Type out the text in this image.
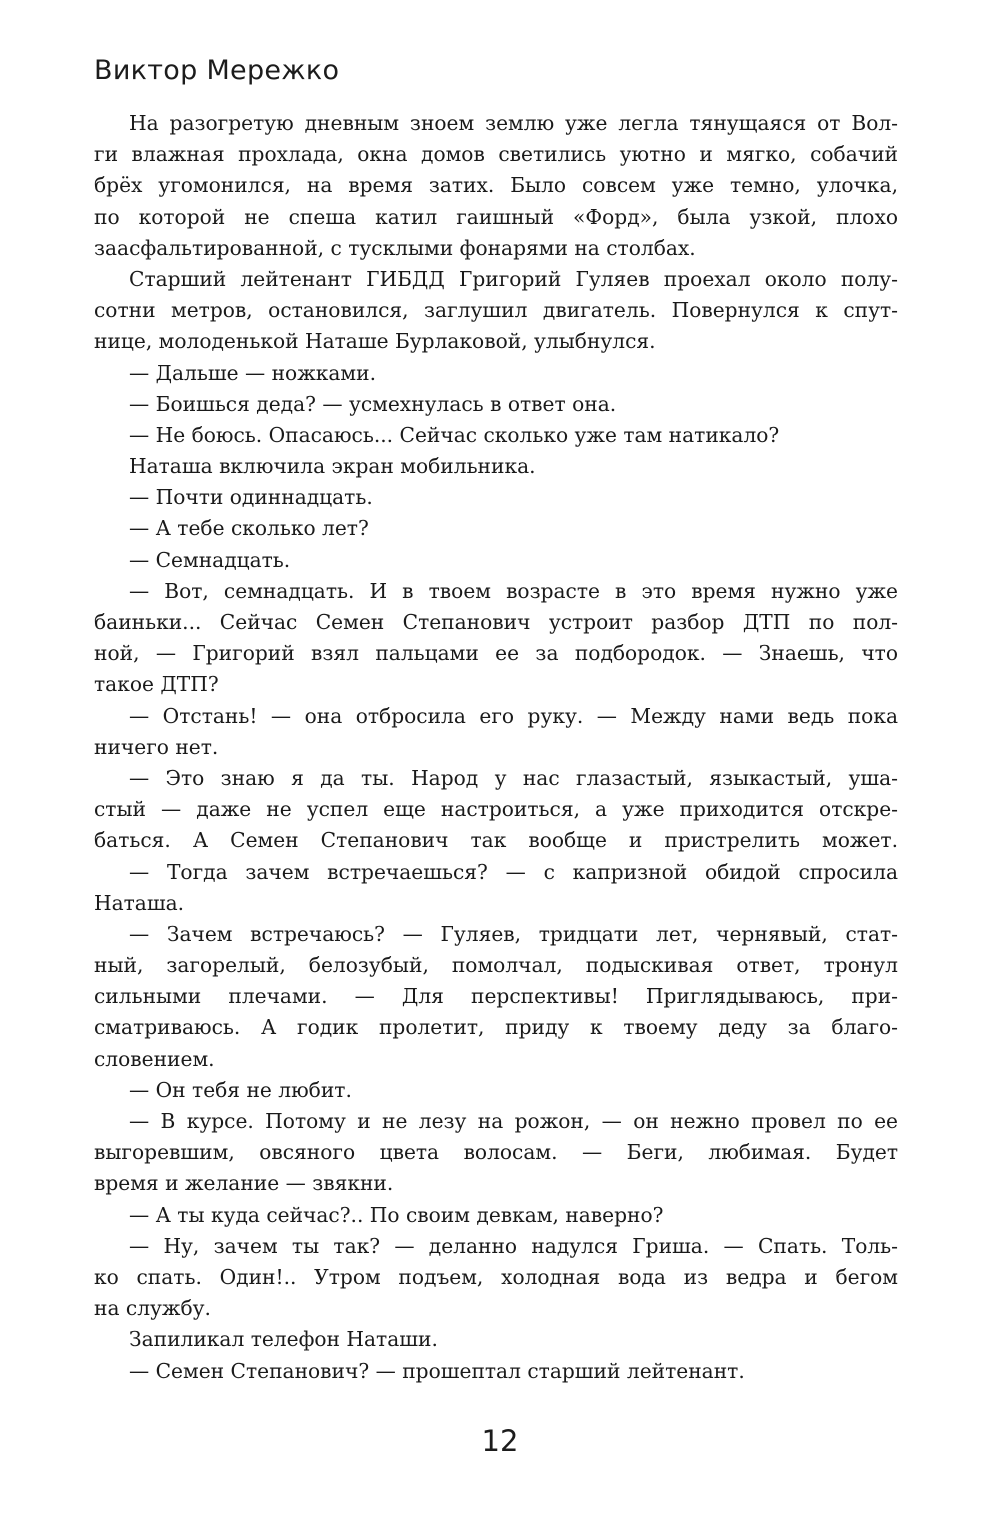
Виктор Мережко
На разогретую дневным зноем землю уже легла тянущаяся от Вол-
ги влажная прохлада, окна домов светились уютно и мягко, собачий
брёх угомонился, на время затих. Было совсем уже темно, улочка,
по которой не спеша катил гаишный «Форд», была узкой, плохо
заасфальтированной, с тусклыми фонарями на столбах.
Старший лейтенант ГИБДД Григорий Гуляев проехал около полу-
сотни метров, остановился, заглушил двигатель. Повернулся к спут-
нице, молоденькой Наташе Бурлаковой, улыбнулся.
— Дальше — ножками.
— Боишься деда? — усмехнулась в ответ она.
— Не боюсь. Опасаюсь... Сейчас сколько уже там натикало?
Наташа включила экран мобильника.
— Почти одиннадцать.
— А тебе сколько лет?
— Семнадцать.
— Вот, семнадцать. И в твоем возрасте в это время нужно уже
баиньки... Сейчас Семен Степанович устроит разбор ДТП по пол-
ной, — Григорий взял пальцами ее за подбородок. — Знаешь, что
такое ДТП?
— Отстань! — она отбросила его руку. — Между нами ведь пока
ничего нет.
— Это знаю я да ты. Народ у нас глазастый, языкастый, уша-
стый — даже не успел еще настроиться, а уже приходится отскре-
баться. А Семен Степанович так вообще и пристрелить может.
— Тогда зачем встречаешься? — с капризной обидой спросила
Наташа.
— Зачем встречаюсь? — Гуляев, тридцати лет, чернявый, стат-
ный, загорелый, белозубый, помолчал, подыскивая ответ, тронул
сильными плечами. — Для перспективы! Приглядываюсь, при-
сматриваюсь. А годик пролетит, приду к твоему деду за благо-
словением.
— Он тебя не любит.
— В курсе. Потому и не лезу на рожон, — он нежно провел по ее
выгоревшим, овсяного цвета волосам. — Беги, любимая. Будет
время и желание — звякни.
— А ты куда сейчас?.. По своим девкам, наверно?
— Ну, зачем ты так? — деланно надулся Гриша. — Спать. Толь-
ко спать. Один!.. Утром подъем, холодная вода из ведра и бегом
на службу.
Запиликал телефон Наташи.
— Семен Степанович? — прошептал старший лейтенант.
12
